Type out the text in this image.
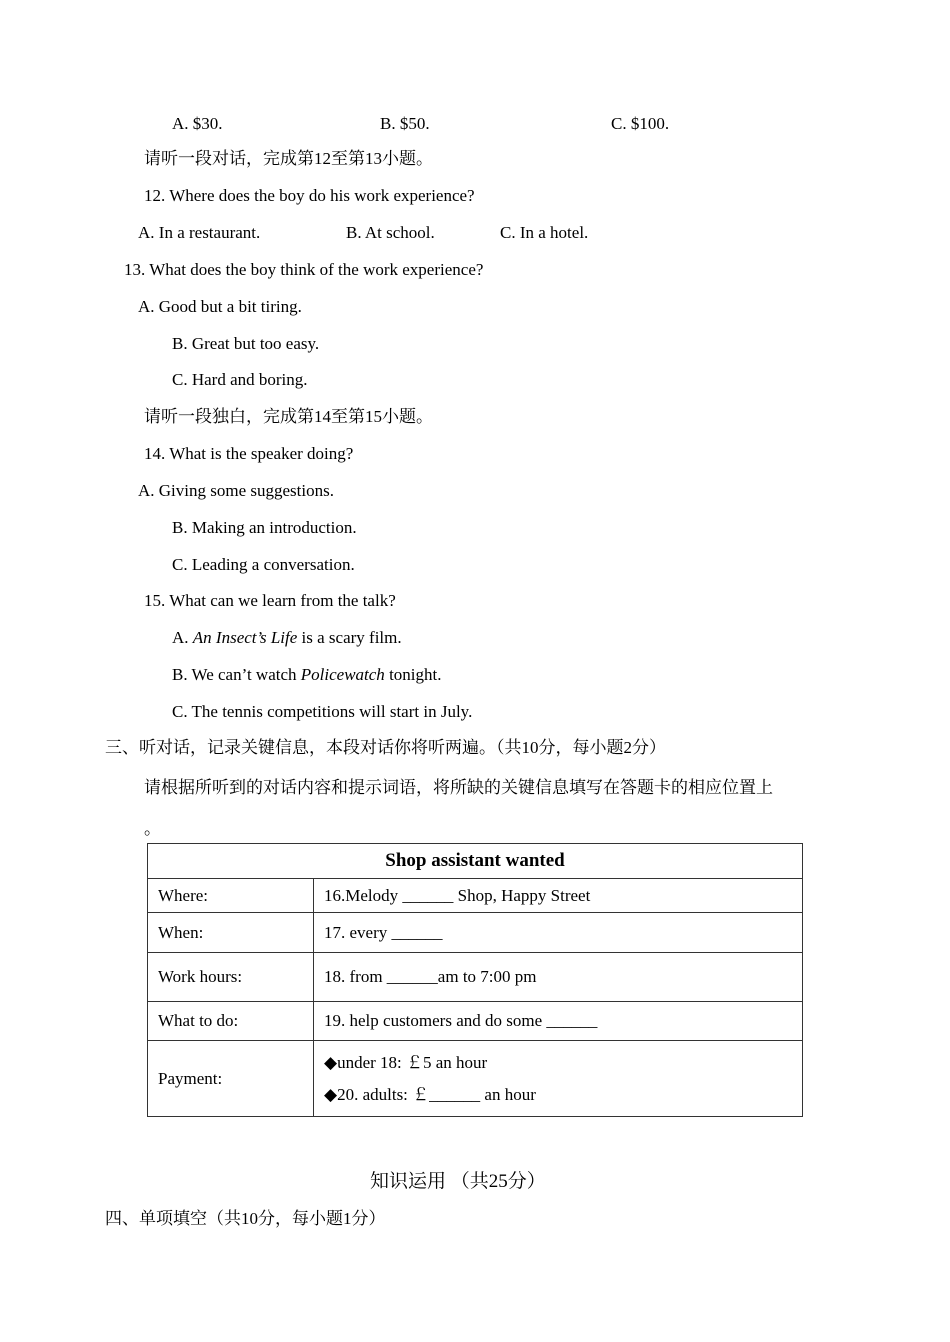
A. $30.	B. $50.	C. $100.
请听一段对话，完成第12至第13小题。
12. Where does the boy do his work experience?
A. In a restaurant.	B. At school.	C. In a hotel.
13. What does the boy think of the work experience?
A. Good but a bit tiring.
B. Great but too easy.
C. Hard and boring.
请听一段独白，完成第14至第15小题。
14. What is the speaker doing?
A. Giving some suggestions.
B. Making an introduction.
C. Leading a conversation.
15. What can we learn from the talk?
A. An Insect’s Life is a scary film.
B. We can’t watch Policewatch tonight.
C. The tennis competitions will start in July.
三、听对话，记录关键信息，本段对话你将听两遍。（共10分，每小题2分）
请根据所听到的对话内容和提示词语，将所缺的关键信息填写在答题卡的相应位置上
。
Shop assistant wanted	
Where:	16.Melody ______ Shop, Happy Street
When:	17. every ______
Work hours:	18. from ______am to 7:00 pm
What to do:	19. help customers and do some ______
Payment:	◆under 18: ￡5 an hour
◆20. adults: ￡______ an hour
知识运用 （共25分）
四、单项填空（共10分，每小题1分）
